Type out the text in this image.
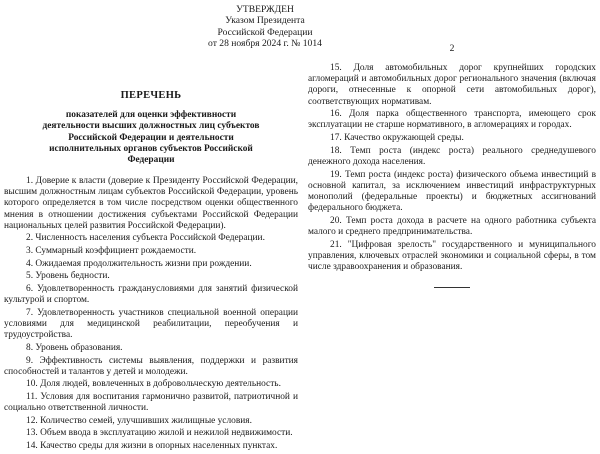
УТВЕРЖДЕН
Указом Президента
Российской Федерации
от 28 ноября 2024 г. № 1014
ПЕРЕЧЕНЬ
показателей для оценки эффективности деятельности высших должностных лиц субъектов Российской Федерации и деятельности исполнительных органов субъектов Российской Федерации

1. Доверие к власти (доверие к Президенту Российской Федерации, высшим должностным лицам субъектов Российской Федерации, уровень которого определяется в том числе посредством оценки общественного мнения в отношении достижения субъектами Российской Федерации национальных целей развития Российской Федерации).

2. Численность населения субъекта Российской Федерации.

3. Суммарный коэффициент рождаемости.

4. Ожидаемая продолжительность жизни при рождении.

5. Уровень бедности.

6. Удовлетворенность гражданусловиями для занятий физической культурой и спортом.

7. Удовлетворенность участников специальной военной операции условиями для медицинской реабилитации, переобучения и трудоустройства.

8. Уровень образования.

9. Эффективность системы выявления, поддержки и развития способностей и талантов у детей и молодежи.

10. Доля людей, вовлеченных в добровольческую деятельность.

11. Условия для воспитания гармонично развитой, патриотичной и социально ответственной личности.

12. Количество семей, улучшивших жилищные условия.

13. Объем ввода в эксплуатацию жилой и нежилой недвижимости.

14. Качество среды для жизни в опорных населенных пунктах.

2

15. Доля автомобильных дорог крупнейших городских агломераций и автомобильных дорог регионального значения (включая дороги, отнесенные к опорной сети автомобильных дорог), соответствующих нормативам.

16. Доля парка общественного транспорта, имеющего срок эксплуатации не старше нормативного, в агломерациях и городах.

17. Качество окружающей среды.

18. Темп роста (индекс роста) реального среднедушевого денежного дохода населения.

19. Темп роста (индекс роста) физического объема инвестиций в основной капитал, за исключением инвестиций инфраструктурных монополий (федеральные проекты) и бюджетных ассигнований федерального бюджета.

20. Темп роста дохода в расчете на одного работника субъекта малого и среднего предпринимательства.

21. "Цифровая зрелость" государственного и муниципального управления, ключевых отраслей экономики и социальной сферы, в том числе здравоохранения и образования.
